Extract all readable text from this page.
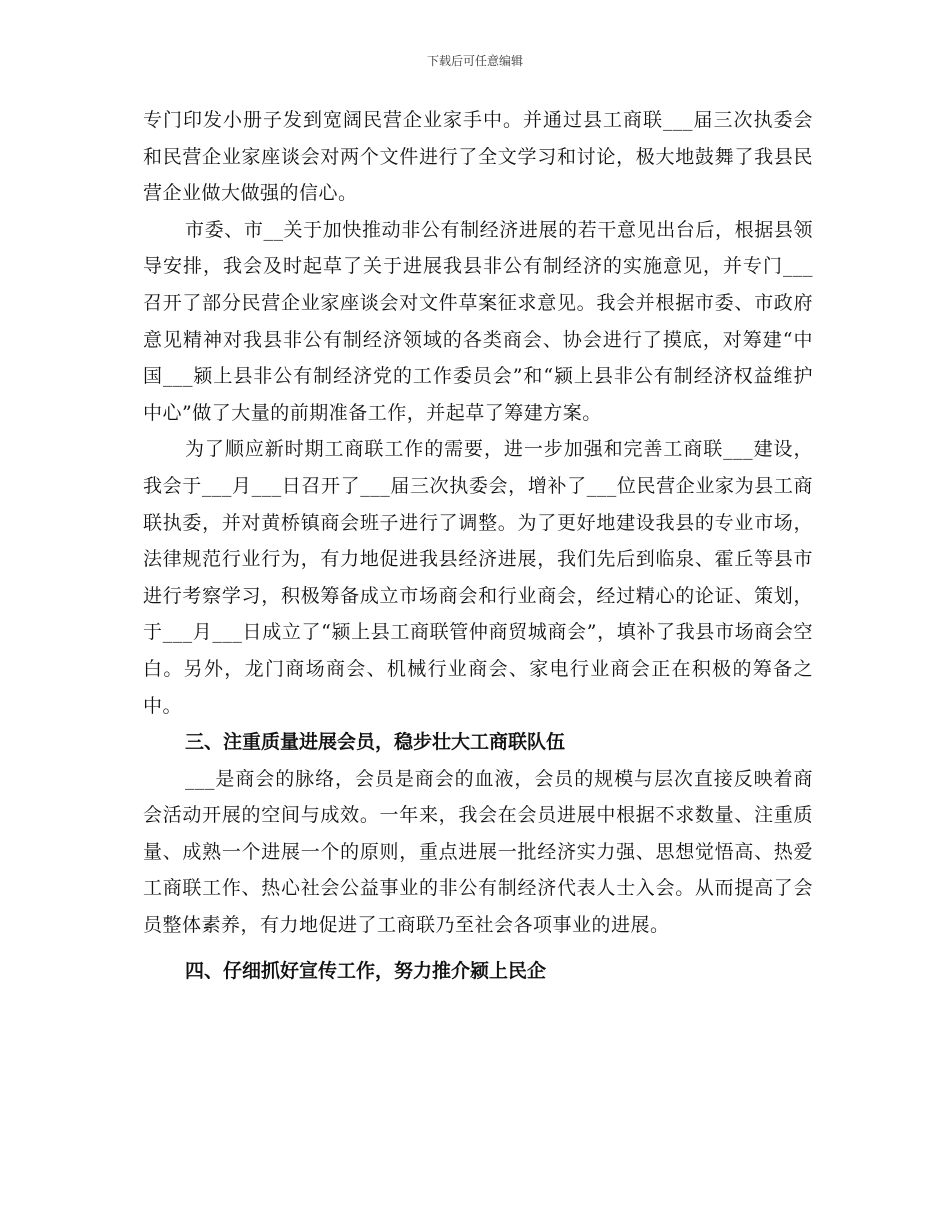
下载后可任意编辑

专门印发小册子发到宽阔民营企业家手中。并通过县工商联___届三次执委会和民营企业家座谈会对两个文件进行了全文学习和讨论，极大地鼓舞了我县民营企业做大做强的信心。

市委、市__关于加快推动非公有制经济进展的若干意见出台后，根据县领导安排，我会及时起草了关于进展我县非公有制经济的实施意见，并专门___召开了部分民营企业家座谈会对文件草案征求意见。我会并根据市委、市政府意见精神对我县非公有制经济领域的各类商会、协会进行了摸底，对筹建“中国___颍上县非公有制经济党的工作委员会”和“颍上县非公有制经济权益维护中心”做了大量的前期准备工作，并起草了筹建方案。

为了顺应新时期工商联工作的需要，进一步加强和完善工商联___建设，我会于___月___日召开了___届三次执委会，增补了___位民营企业家为县工商联执委，并对黄桥镇商会班子进行了调整。为了更好地建设我县的专业市场，法律规范行业行为，有力地促进我县经济进展，我们先后到临泉、霍丘等县市进行考察学习，积极筹备成立市场商会和行业商会，经过精心的论证、策划，于___月___日成立了“颍上县工商联管仲商贸城商会”，填补了我县市场商会空白。另外，龙门商场商会、机械行业商会、家电行业商会正在积极的筹备之中。

三、注重质量进展会员，稳步壮大工商联队伍

___是商会的脉络，会员是商会的血液，会员的规模与层次直接反映着商会活动开展的空间与成效。一年来，我会在会员进展中根据不求数量、注重质量、成熟一个进展一个的原则，重点进展一批经济实力强、思想觉悟高、热爱工商联工作、热心社会公益事业的非公有制经济代表人士入会。从而提高了会员整体素养，有力地促进了工商联乃至社会各项事业的进展。

四、仔细抓好宣传工作，努力推介颍上民企
